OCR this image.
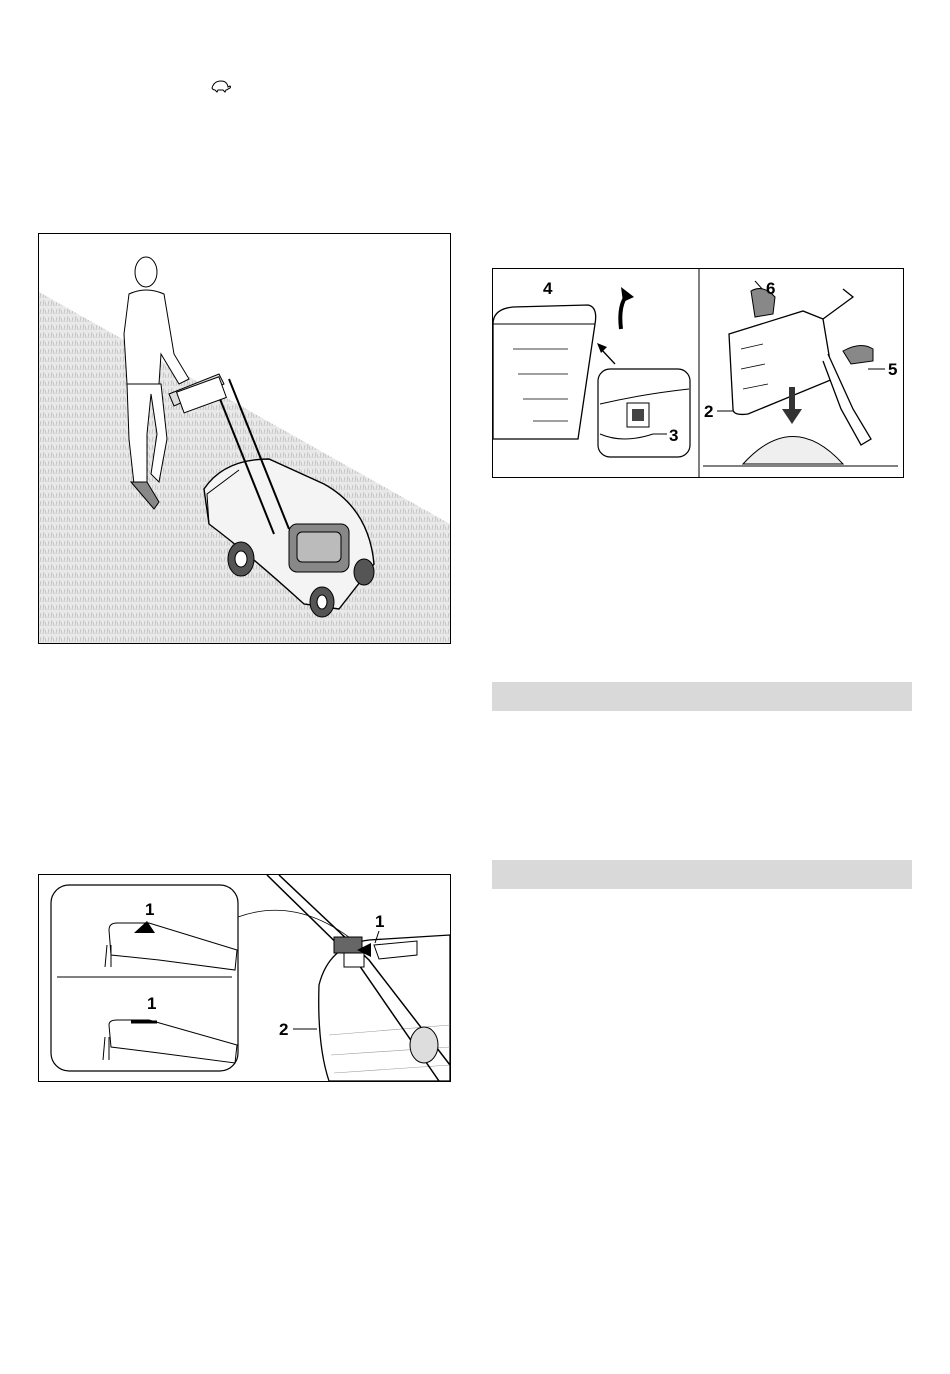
4
3
6
5
2
1
1
1
2
